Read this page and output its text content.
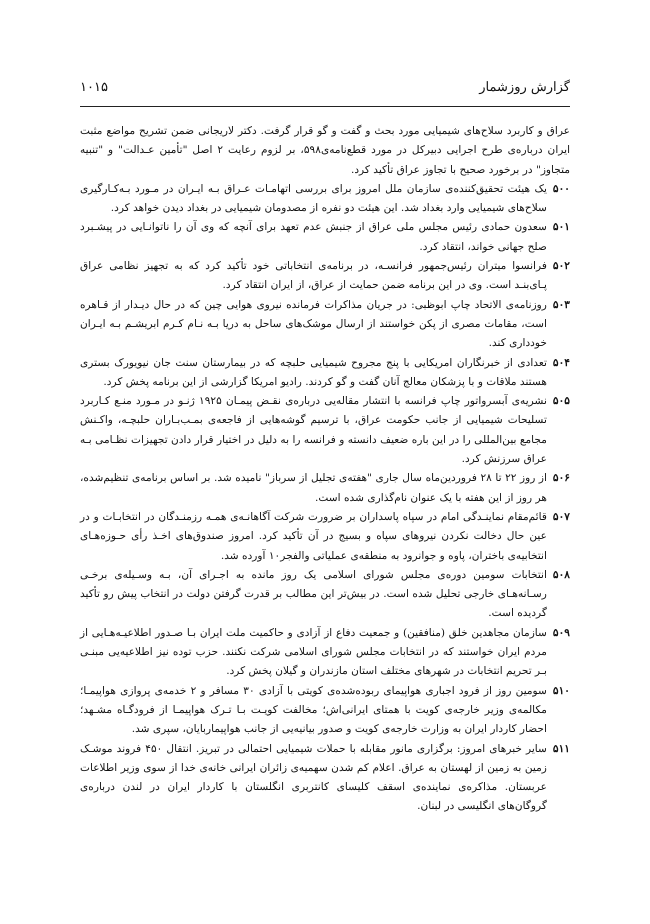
گزارش روزشمار
۱۰۱۵

عراق و کاربرد سلاح‌های شیمیایی مورد بحث و گفت و گو قرار گرفت. دکتر لاریجانی ضمن تشریح مواضع مثبت ایران درباره‌ی طرح اجرایی دبیرکل در مورد قطع‌نامه‌ی۵۹۸، بر لزوم رعایت ۲ اصل "تأمین عـدالت" و "تنبیه متجاوز" در برخورد صحیح با تجاوز عراق تأکید کرد.

۵۰۰
یک هیئت تحقیق‌کننده‌ی سازمان ملل امروز برای بررسی اتهامـات عـراق بـه ایـران در مـورد بـه‌کـارگیری سلاح‌های شیمیایی وارد بغداد شد. این هیئت دو نفره از مصدومان شیمیایی در بغداد دیدن خواهد کرد.
۵۰۱
سعدون حمادی رئیس مجلس ملی عراق از جنبش عدم تعهد برای آنچه که وی آن را ناتوانـایی در پیشـبرد صلح جهانی خواند، انتقاد کرد.
۵۰۲
فرانسوا میتران رئیس‌جمهور فرانسـه، در برنامه‌ی انتخاباتی خود تأکید کرد که به تجهیز نظامی عراق پـای‌بنـد است. وی در این برنامه ضمن حمایت از عراق، از ایران انتقاد کرد.
۵۰۳
روزنامه‌ی الاتحاد چاپ ابوظبی: در جریان مذاکرات فرمانده نیروی هوایی چین که در حال دیـدار از قـاهره است، مقامات مصری از پکن خواستند از ارسال موشک‌های ساحل به دریا بـه نـام کـرم ابریشـم بـه ایـران خودداری کند.
۵۰۴
تعدادی از خبرنگاران امریکایی با پنج مجروح شیمیایی حلبچه که در بیمارستان سنت جان نیویورک بستری هستند ملاقات و با پزشکان معالج آنان گفت و گو کردند. رادیو امریکا گزارشی از این برنامه پخش کرد.
۵۰۵
نشریه‌ی آبسرواتور چاپ فرانسه با انتشار مقاله‌یی درباره‌ی نقـض پیمـان ۱۹۲۵ ژنـو در مـورد منـع کـاربرد تسلیحات شیمیایی از جانب حکومت عراق، با ترسیم گوشه‌هایی از فاجعه‌ی بمـب‌بـاران حلبچـه، واکـنش مجامع بین‌المللی را در این باره ضعیف دانسته و فرانسه را به دلیل در اختیار قرار دادن تجهیزات نظـامی بـه عراق سرزنش کرد.
۵۰۶
از روز ۲۲ تا ۲۸ فروردین‌ماه سال جاری "هفته‌ی تجلیل از سرباز" نامیده شد. بر اساس برنامه‌ی تنظیم‌شده، هر روز از این هفته با یک عنوان نام‌گذاری شده است.
۵۰۷
قائم‌مقام نماینـدگی امام در سپاه پاسداران بر ضرورت شرکت آگاهانـه‌ی همـه رزمنـدگان در انتخابـات و در عین حال دخالت نکردن نیروهای سپاه و بسیج در آن تأکید کرد. امروز صندوق‌های اخـذ رأی حـوزه‌هـای انتخابیه‌ی باختران، پاوه و جوانرود به منطقه‌ی عملیاتی والفجر۱۰ آورده شد.
۵۰۸
انتخابات سومین دوره‌ی مجلس شورای اسلامی یک روز مانده به اجـرای آن، بـه وسـیله‌ی برخـی رسـانه‌هـای خارجی تحلیل شده است. در بیش‌تر این مطالب بر قدرت گرفتن دولت در انتخاب پیش رو تأکید گردیده است.
۵۰۹
سازمان مجاهدین خلق (منافقین) و جمعیت دفاع از آزادی و حاکمیت ملت ایران بـا صـدور اطلاعیـه‌هـایی از مردم ایران خواستند که در انتخابات مجلس شورای اسلامی شرکت نکنند. حزب توده نیز اطلاعیه‌یی مبنـی بـر تحریم انتخابات در شهرهای مختلف استان مازندران و گیلان پخش کرد.
۵۱۰
سومین روز از فرود اجباری هواپیمای ربوده‌شده‌ی کویتی با آزادی ۳۰ مسافر و ۲ خدمه‌ی پروازی هواپیمـا؛ مکالمه‌ی وزیر خارجه‌ی کویت با همتای ایرانی‌اش؛ مخالفت کویـت بـا تـرک هواپیمـا از فرودگـاه مشـهد؛ احضار کاردار ایران به وزارت خارجه‌ی کویت و صدور بیانیه‌یی از جانب هواپیماربایان، سپری شد.
۵۱۱
سایر خبرهای امروز: برگزاری مانور مقابله با حملات شیمیایی احتمالی در تبریز. انتقال ۴۵۰ فروند موشـک زمین به زمین از لهستان به عراق. اعلام کم شدن سهمیه‌ی زائران ایرانی خانه‌ی خدا از سوی وزیر اطلاعات عربستان. مذاکره‌ی نماینده‌ی اسقف کلیسای کانتربری انگلستان با کاردار ایران در لندن درباره‌ی گروگان‌های انگلیسی در لبنان.
